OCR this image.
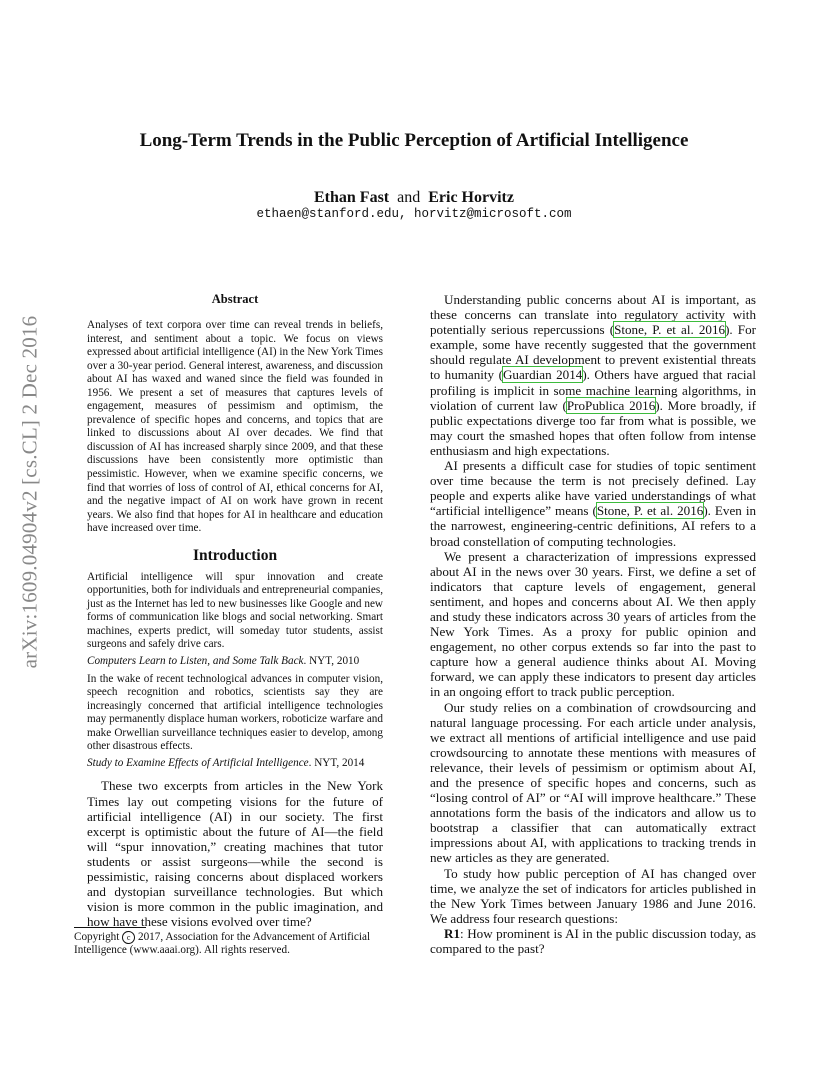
arXiv:1609.04904v2 [cs.CL] 2 Dec 2016
Long-Term Trends in the Public Perception of Artificial Intelligence
Ethan Fast and Eric Horvitz
ethaen@stanford.edu, horvitz@microsoft.com
Abstract

Analyses of text corpora over time can reveal trends in beliefs, interest, and sentiment about a topic. We focus on views expressed about artificial intelligence (AI) in the New York Times over a 30-year period. General interest, awareness, and discussion about AI has waxed and waned since the field was founded in 1956. We present a set of measures that captures levels of engagement, measures of pessimism and optimism, the prevalence of specific hopes and concerns, and topics that are linked to discussions about AI over decades. We find that discussion of AI has increased sharply since 2009, and that these discussions have been consistently more optimistic than pessimistic. However, when we examine specific concerns, we find that worries of loss of control of AI, ethical concerns for AI, and the negative impact of AI on work have grown in recent years. We also find that hopes for AI in healthcare and education have increased over time.

Introduction

Artificial intelligence will spur innovation and create opportunities, both for individuals and entrepreneurial companies, just as the Internet has led to new businesses like Google and new forms of communication like blogs and social networking. Smart machines, experts predict, will someday tutor students, assist surgeons and safely drive cars.

Computers Learn to Listen, and Some Talk Back. NYT, 2010

In the wake of recent technological advances in computer vision, speech recognition and robotics, scientists say they are increasingly concerned that artificial intelligence technologies may permanently displace human workers, roboticize warfare and make Orwellian surveillance techniques easier to develop, among other disastrous effects.

Study to Examine Effects of Artificial Intelligence. NYT, 2014

These two excerpts from articles in the New York Times lay out competing visions for the future of artificial intelligence (AI) in our society. The first excerpt is optimistic about the future of AI—the field will “spur innovation,” creating machines that tutor students or assist surgeons—while the second is pessimistic, raising concerns about displaced workers and dystopian surveillance technologies. But which vision is more common in the public imagination, and how have these visions evolved over time?

Copyright c 2017, Association for the Advancement of Artificial Intelligence (www.aaai.org). All rights reserved.

Understanding public concerns about AI is important, as these concerns can translate into regulatory activity with potentially serious repercussions (Stone, P. et al. 2016). For example, some have recently suggested that the government should regulate AI development to prevent existential threats to humanity (Guardian 2014). Others have argued that racial profiling is implicit in some machine learning algorithms, in violation of current law (ProPublica 2016). More broadly, if public expectations diverge too far from what is possible, we may court the smashed hopes that often follow from intense enthusiasm and high expectations.

AI presents a difficult case for studies of topic sentiment over time because the term is not precisely defined. Lay people and experts alike have varied understandings of what “artificial intelligence” means (Stone, P. et al. 2016). Even in the narrowest, engineering-centric definitions, AI refers to a broad constellation of computing technologies.

We present a characterization of impressions expressed about AI in the news over 30 years. First, we define a set of indicators that capture levels of engagement, general sentiment, and hopes and concerns about AI. We then apply and study these indicators across 30 years of articles from the New York Times. As a proxy for public opinion and engagement, no other corpus extends so far into the past to capture how a general audience thinks about AI. Moving forward, we can apply these indicators to present day articles in an ongoing effort to track public perception.

Our study relies on a combination of crowdsourcing and natural language processing. For each article under analysis, we extract all mentions of artificial intelligence and use paid crowdsourcing to annotate these mentions with measures of relevance, their levels of pessimism or optimism about AI, and the presence of specific hopes and concerns, such as “losing control of AI” or “AI will improve healthcare.” These annotations form the basis of the indicators and allow us to bootstrap a classifier that can automatically extract impressions about AI, with applications to tracking trends in new articles as they are generated.

To study how public perception of AI has changed over time, we analyze the set of indicators for articles published in the New York Times between January 1986 and June 2016. We address four research questions:

R1: How prominent is AI in the public discussion today, as compared to the past?
